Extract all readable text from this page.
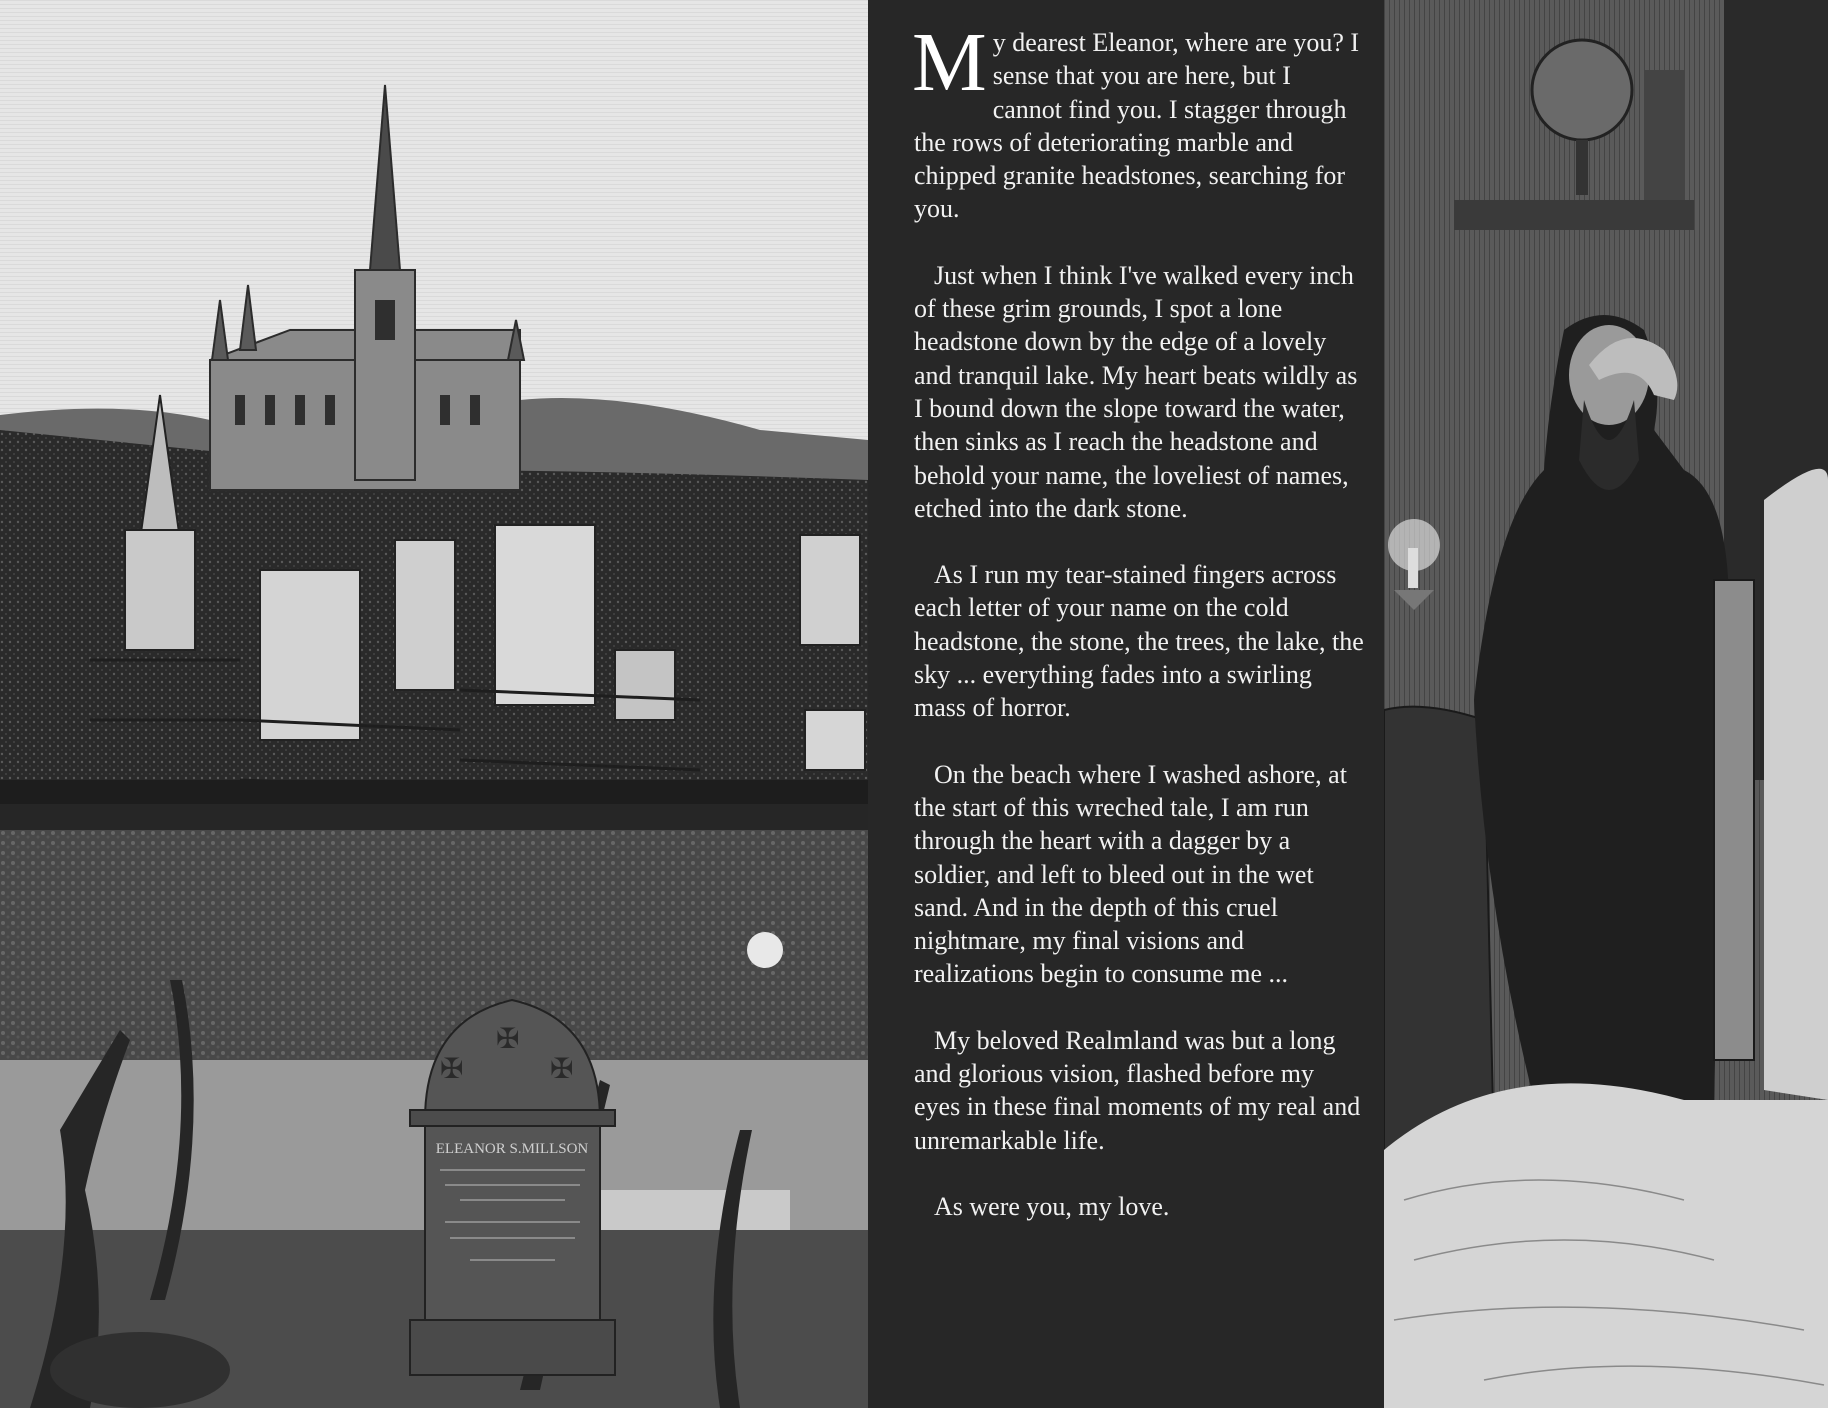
✠
✠
✠
ELEANOR S.MILLSON

My dearest Eleanor, where are you? I sense that you are here, but I cannot find you. I stagger through the rows of deteriorating marble and chipped granite headstones, searching for you.

Just when I think I've walked every inch of these grim grounds, I spot a lone headstone down by the edge of a lovely and tranquil lake. My heart beats wildly as I bound down the slope toward the water, then sinks as I reach the headstone and behold your name, the loveliest of names, etched into the dark stone.

As I run my tear-stained fingers across each letter of your name on the cold headstone, the stone, the trees, the lake, the sky ... everything fades into a swirling mass of horror.

On the beach where I washed ashore, at the start of this wreched tale, I am run through the heart with a dagger by a soldier, and left to bleed out in the wet sand. And in the depth of this cruel nightmare, my final visions and realizations begin to consume me ...

My beloved Realmland was but a long and glorious vision, flashed before my eyes in these final moments of my real and unremarkable life.

As were you, my love.
